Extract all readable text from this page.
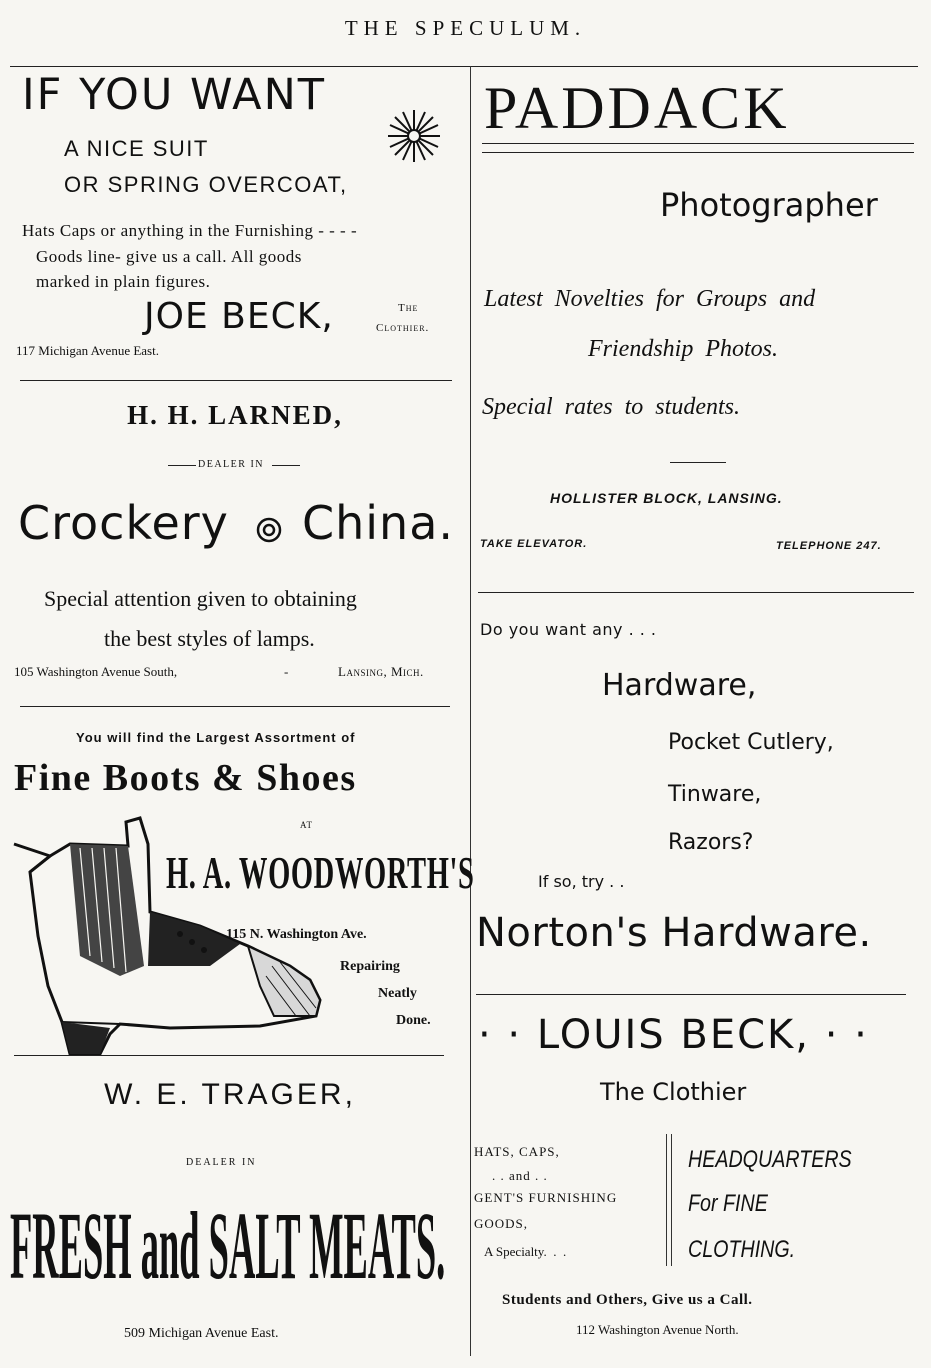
THE SPECULUM.
IF YOU WANT
A NICE SUIT
OR SPRING OVERCOAT,
Hats Caps or anything in the Furnishing - - - -
Goods line- give us a call. All goods
marked in plain figures.
JOE BECK,	The
Clothier.
117 Michigan Avenue East.
H. H. LARNED,
DEALER IN
Crockery China.
Special attention given to obtaining
the best styles of lamps.
105 Washington Avenue South,	-	Lansing, Mich.
You will find the Largest Assortment of
Fine Boots & Shoes
AT
H. A. WOODWORTH'S
115 N. Washington Ave.
Repairing
Neatly
Done.
W. E. TRAGER,
DEALER IN
FRESH and SALT MEATS.
509 Michigan Avenue East.
PADDACK
Photographer
Latest  Novelties  for  Groups  and
Friendship  Photos.
Special  rates  to  students.
HOLLISTER BLOCK, LANSING.
TAKE ELEVATOR.	TELEPHONE 247.
Do you want any . . .
Hardware,
Pocket Cutlery,
Tinware,
Razors?
If so, try . .
Norton's Hardware.
· · LOUIS BECK, · ·
The Clothier
HATS, CAPS,
. . and . .
GENT'S FURNISHING
GOODS,
A Specialty.  .  .
HEADQUARTERS
For FINE
CLOTHING.
Students and Others, Give us a Call.
112 Washington Avenue North.
